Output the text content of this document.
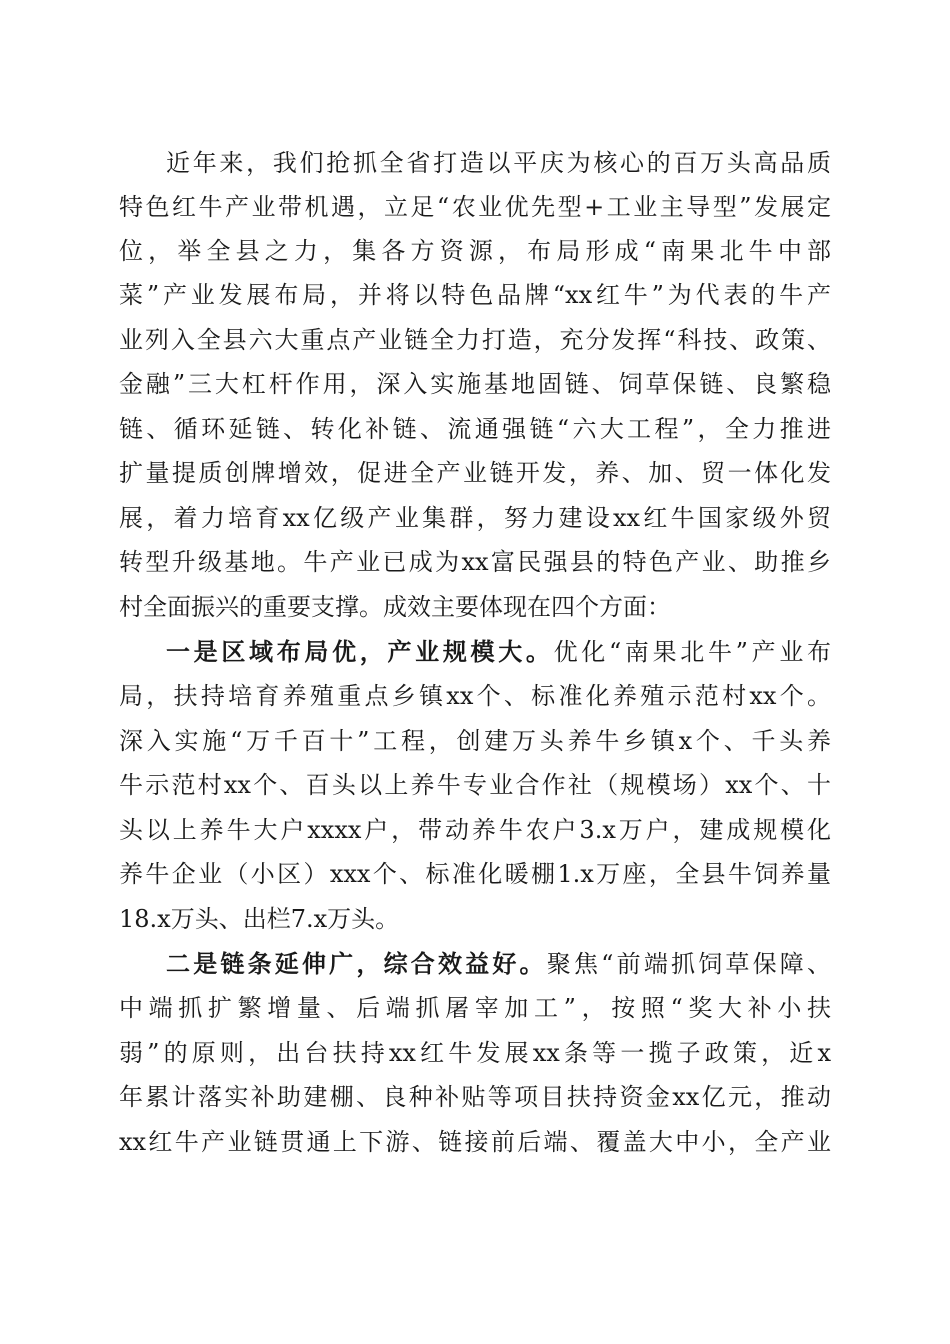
近年来，我们抢抓全省打造以平庆为核心的百万头高品质
特色红牛产业带机遇，立足“农业优先型+工业主导型”发展定
位，举全县之力，集各方资源，布局形成“南果北牛中部
菜”产业发展布局，并将以特色品牌“xx红牛”为代表的牛产
业列入全县六大重点产业链全力打造，充分发挥“科技、政策、
金融”三大杠杆作用，深入实施基地固链、饲草保链、良繁稳
链、循环延链、转化补链、流通强链“六大工程”，全力推进
扩量提质创牌增效，促进全产业链开发，养、加、贸一体化发
展，着力培育xx亿级产业集群，努力建设xx红牛国家级外贸
转型升级基地。牛产业已成为xx富民强县的特色产业、助推乡
村全面振兴的重要支撑。成效主要体现在四个方面：
一是区域布局优，产业规模大。优化“南果北牛”产业布
局，扶持培育养殖重点乡镇xx个、标准化养殖示范村xx个。
深入实施“万千百十”工程，创建万头养牛乡镇x个、千头养
牛示范村xx个、百头以上养牛专业合作社（规模场）xx个、十
头以上养牛大户xxxx户，带动养牛农户3.x万户，建成规模化
养牛企业（小区）xxx个、标准化暖棚1.x万座，全县牛饲养量
18.x万头、出栏7.x万头。
二是链条延伸广，综合效益好。聚焦“前端抓饲草保障、
中端抓扩繁增量、后端抓屠宰加工”，按照“奖大补小扶
弱”的原则，出台扶持xx红牛发展xx条等一揽子政策，近x
年累计落实补助建棚、良种补贴等项目扶持资金xx亿元，推动
xx红牛产业链贯通上下游、链接前后端、覆盖大中小，全产业
